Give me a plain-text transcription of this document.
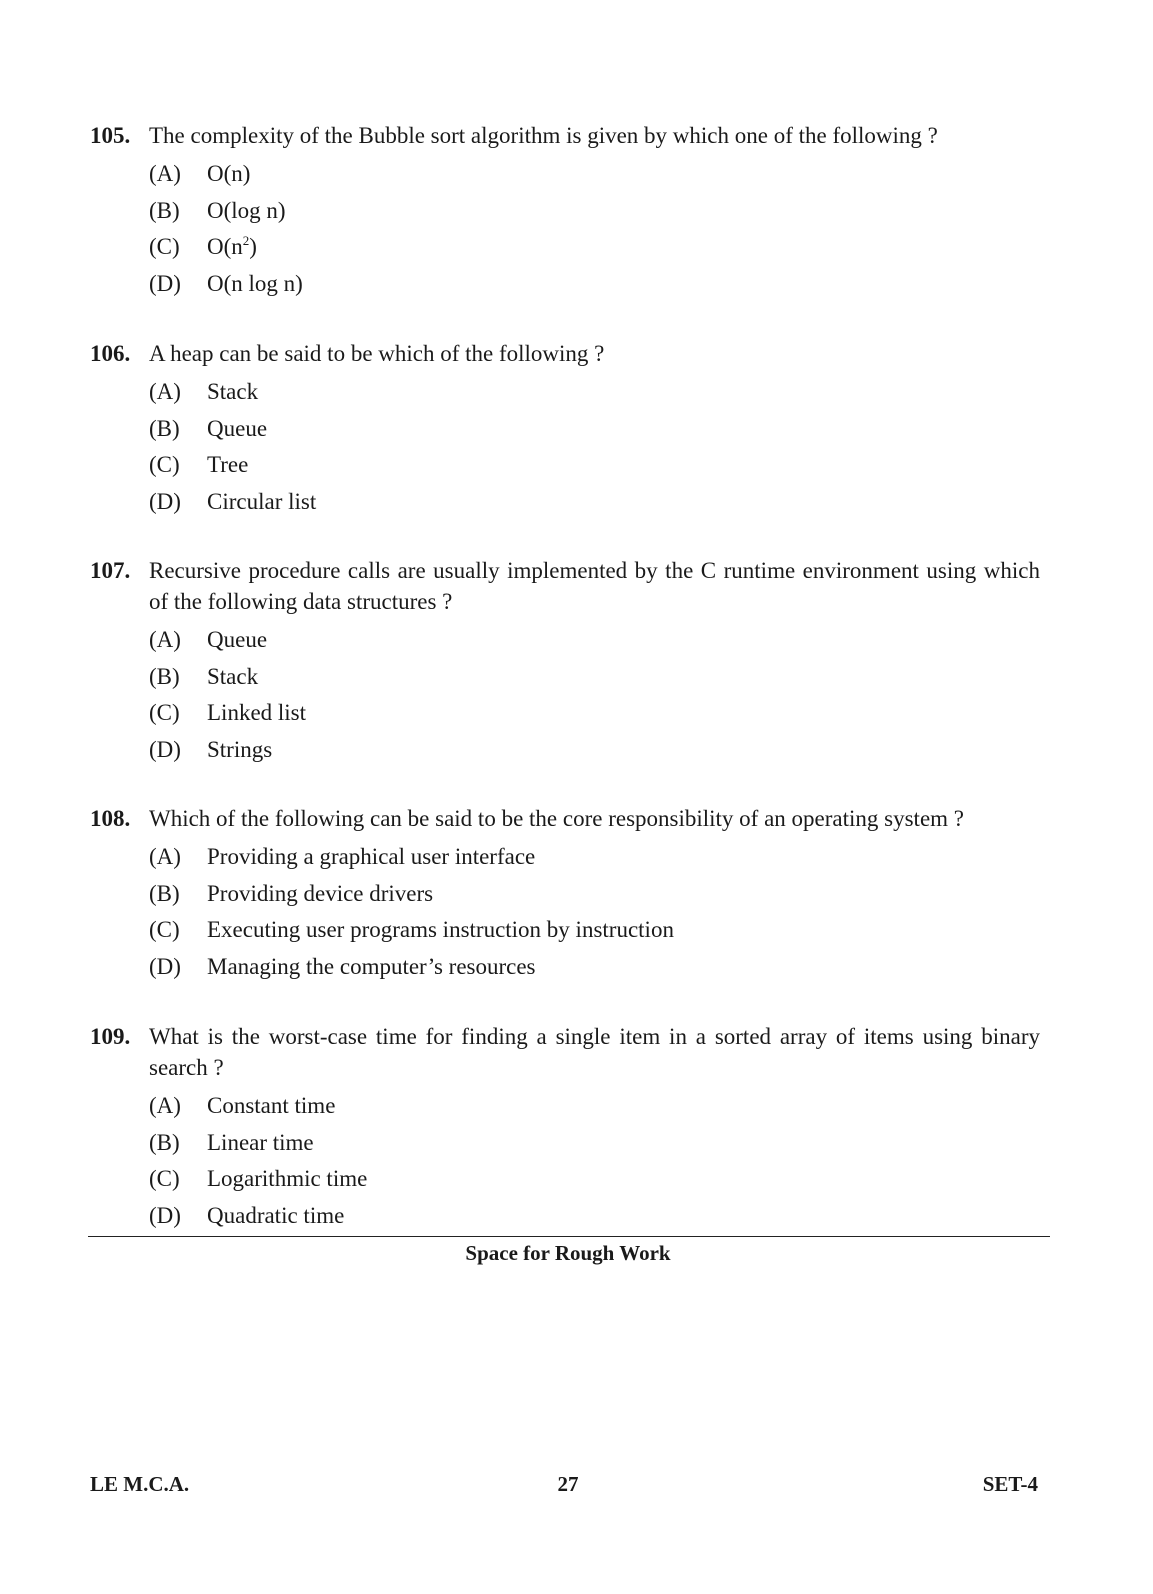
105. The complexity of the Bubble sort algorithm is given by which one of the following ?
(A) O(n)
(B) O(log n)
(C) $O(n^2)$
(D) O(n log n)
106. A heap can be said to be which of the following ?
(A) Stack
(B) Queue
(C) Tree
(D) Circular list
107. Recursive procedure calls are usually implemented by the C runtime environment using which of the following data structures ?
(A) Queue
(B) Stack
(C) Linked list
(D) Strings
108. Which of the following can be said to be the core responsibility of an operating system ?
(A) Providing a graphical user interface
(B) Providing device drivers
(C) Executing user programs instruction by instruction
(D) Managing the computer’s resources
109. What is the worst-case time for finding a single item in a sorted array of items using binary search ?
(A) Constant time
(B) Linear time
(C) Logarithmic time
(D) Quadratic time
Space for Rough Work
LE M.C.A.	27	SET-4
